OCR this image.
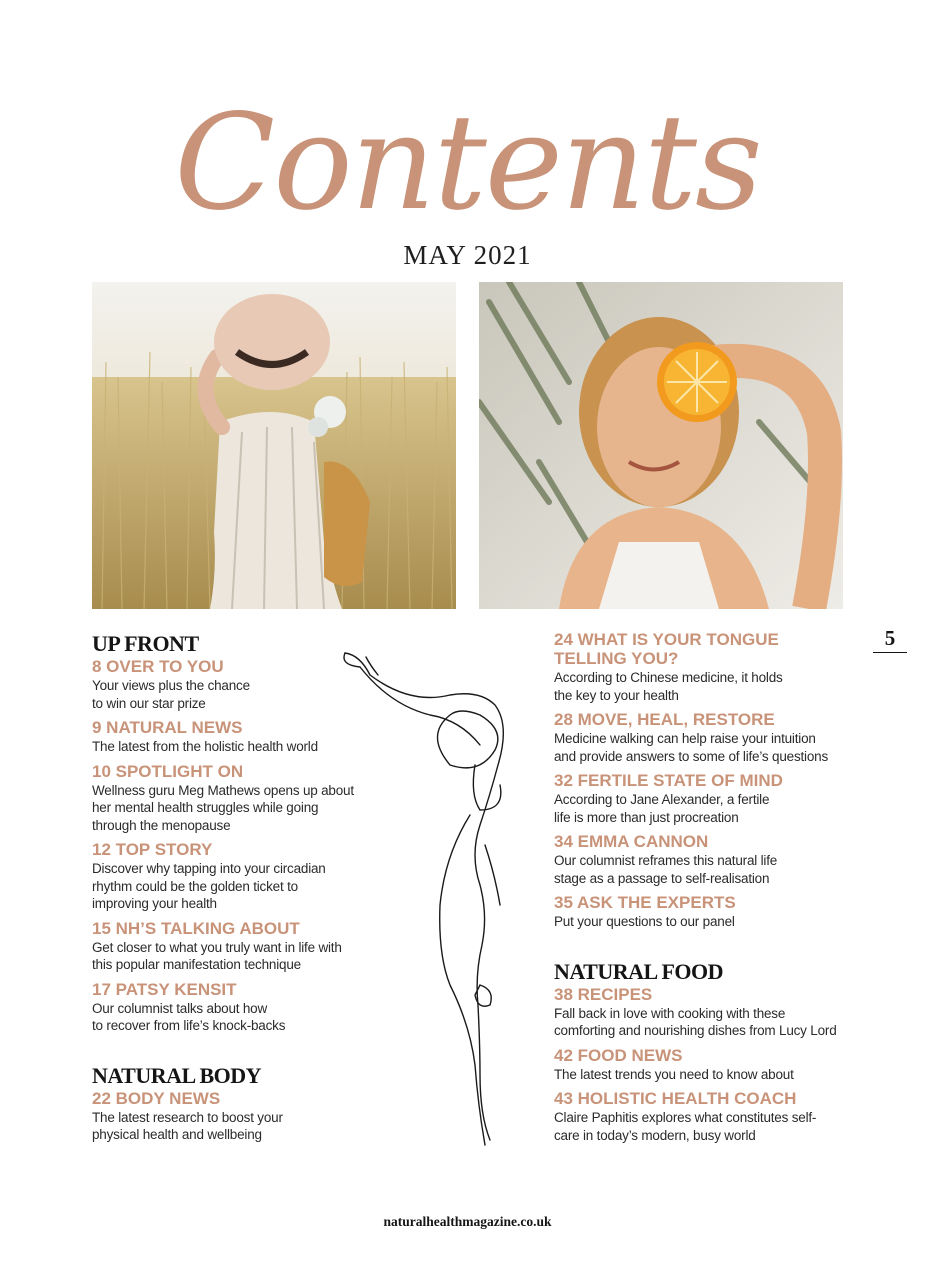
Contents
MAY 2021
5

UP FRONT

8 OVER TO YOU

Your views plus the chance
to win our star prize

9 NATURAL NEWS

The latest from the holistic health world

10 SPOTLIGHT ON

Wellness guru Meg Mathews opens up about
her mental health struggles while going
through the menopause

12 TOP STORY

Discover why tapping into your circadian
rhythm could be the golden ticket to
improving your health

15 NH’S TALKING ABOUT

Get closer to what you truly want in life with
this popular manifestation technique

17 PATSY KENSIT

Our columnist talks about how
to recover from life’s knock-backs

NATURAL BODY

22 BODY NEWS

The latest research to boost your
physical health and wellbeing

24 WHAT IS YOUR TONGUE
TELLING YOU?

According to Chinese medicine, it holds
the key to your health

28 MOVE, HEAL, RESTORE

Medicine walking can help raise your intuition
and provide answers to some of life’s questions

32 FERTILE STATE OF MIND

According to Jane Alexander, a fertile
life is more than just procreation

34 EMMA CANNON

Our columnist reframes this natural life
stage as a passage to self-realisation

35 ASK THE EXPERTS

Put your questions to our panel

NATURAL FOOD

38 RECIPES

Fall back in love with cooking with these
comforting and nourishing dishes from Lucy Lord

42 FOOD NEWS

The latest trends you need to know about

43 HOLISTIC HEALTH COACH

Claire Paphitis explores what constitutes self-
care in today’s modern, busy world

naturalhealthmagazine.co.uk
